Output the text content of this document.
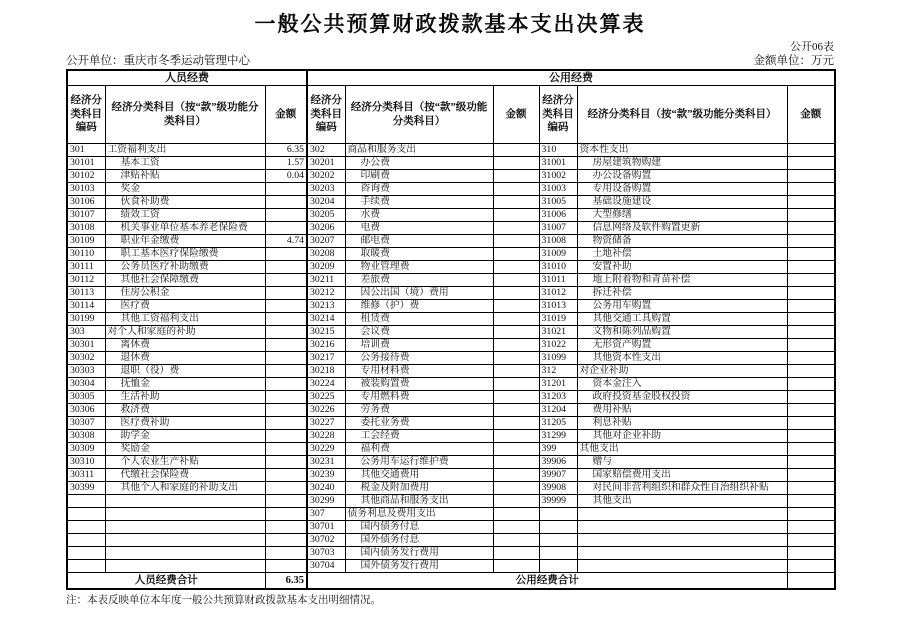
一般公共预算财政拨款基本支出决算表
公开06表
公开单位：重庆市冬季运动管理中心	金额单位：万元
人员经费			公用经费					
经济分类科目编码	经济分类科目（按“款”级功能分类科目）	金额	经济分类科目编码	经济分类科目（按“款”级功能分类科目）	金额	经济分类科目编码	经济分类科目（按“款”级功能分类科目）	金额
301	工资福利支出	6.35	302	商品和服务支出		310	资本性支出	
30101	基本工资	1.57	30201	办公费		31001	房屋建筑物购建	
30102	津贴补贴	0.04	30202	印刷费		31002	办公设备购置	
30103	奖金		30203	咨询费		31003	专用设备购置	
30106	伙食补助费		30204	手续费		31005	基础设施建设	
30107	绩效工资		30205	水费		31006	大型修缮	
30108	机关事业单位基本养老保险费		30206	电费		31007	信息网络及软件购置更新	
30109	职业年金缴费	4.74	30207	邮电费		31008	物资储备	
30110	职工基本医疗保险缴费		30208	取暖费		31009	土地补偿	
30111	公务员医疗补助缴费		30209	物业管理费		31010	安置补助	
30112	其他社会保障缴费		30211	差旅费		31011	地上附着物和青苗补偿	
30113	住房公积金		30212	因公出国（境）费用		31012	拆迁补偿	
30114	医疗费		30213	维修（护）费		31013	公务用车购置	
30199	其他工资福利支出		30214	租赁费		31019	其他交通工具购置	
303	对个人和家庭的补助		30215	会议费		31021	文物和陈列品购置	
30301	离休费		30216	培训费		31022	无形资产购置	
30302	退休费		30217	公务接待费		31099	其他资本性支出	
30303	退职（役）费		30218	专用材料费		312	对企业补助	
30304	抚恤金		30224	被装购置费		31201	资本金注入	
30305	生活补助		30225	专用燃料费		31203	政府投资基金股权投资	
30306	救济费		30226	劳务费		31204	费用补贴	
30307	医疗费补助		30227	委托业务费		31205	利息补贴	
30308	助学金		30228	工会经费		31299	其他对企业补助	
30309	奖励金		30229	福利费		399	其他支出	
30310	个人农业生产补贴		30231	公务用车运行维护费		39906	赠与	
30311	代缴社会保险费		30239	其他交通费用		39907	国家赔偿费用支出	
30399	其他个人和家庭的补助支出		30240	税金及附加费用		39908	对民间非营利组织和群众性自治组织补贴	
			30299	其他商品和服务支出		39999	其他支出	
			307	债务利息及费用支出				
			30701	国内债务付息				
			30702	国外债务付息				
			30703	国内债务发行费用				
			30704	国外债务发行费用				
人员经费合计		6.35	公用经费合计					
注：本表反映单位本年度一般公共预算财政拨款基本支出明细情况。
